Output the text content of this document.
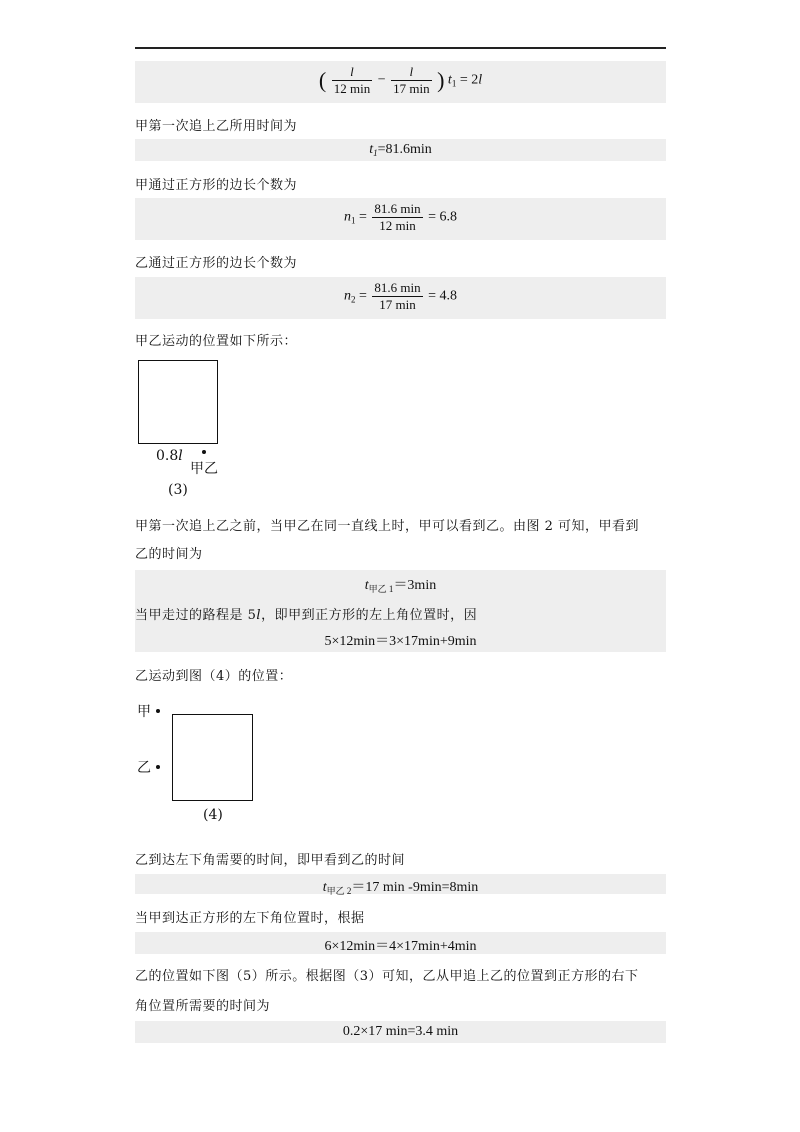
( $\frac{l}{12 \min} - \frac{l}{17 \min}$ ) $t_1 = 2l$
甲第一次追上乙所用时间为
$t_1=81.6\min$
甲通过正方形的边长个数为
$n_1 = \frac{81.6 \min}{12 \min} = 6.8$
乙通过正方形的边长个数为
$n_2 = \frac{81.6 \min}{17 \min} = 4.8$
甲乙运动的位置如下所示：
0.8l
甲乙
(3)
甲第一次追上乙之前，当甲乙在同一直线上时，甲可以看到乙。由图 2 可知，甲看到
乙的时间为
$t_{甲乙 1}=3\min$
5×12min＝3×17min+9min
当甲走过的路程是 5l，即甲到正方形的左上角位置时，因
乙运动到图（4）的位置：
甲
乙
(4)
乙到达左下角需要的时间，即甲看到乙的时间
$t_{甲乙 2}=17$ min -9min=8min
当甲到达正方形的左下角位置时，根据
6×12min＝4×17min+4min
乙的位置如下图（5）所示。根据图（3）可知，乙从甲追上乙的位置到正方形的右下
角位置所需要的时间为
0.2×17 min=3.4 min
